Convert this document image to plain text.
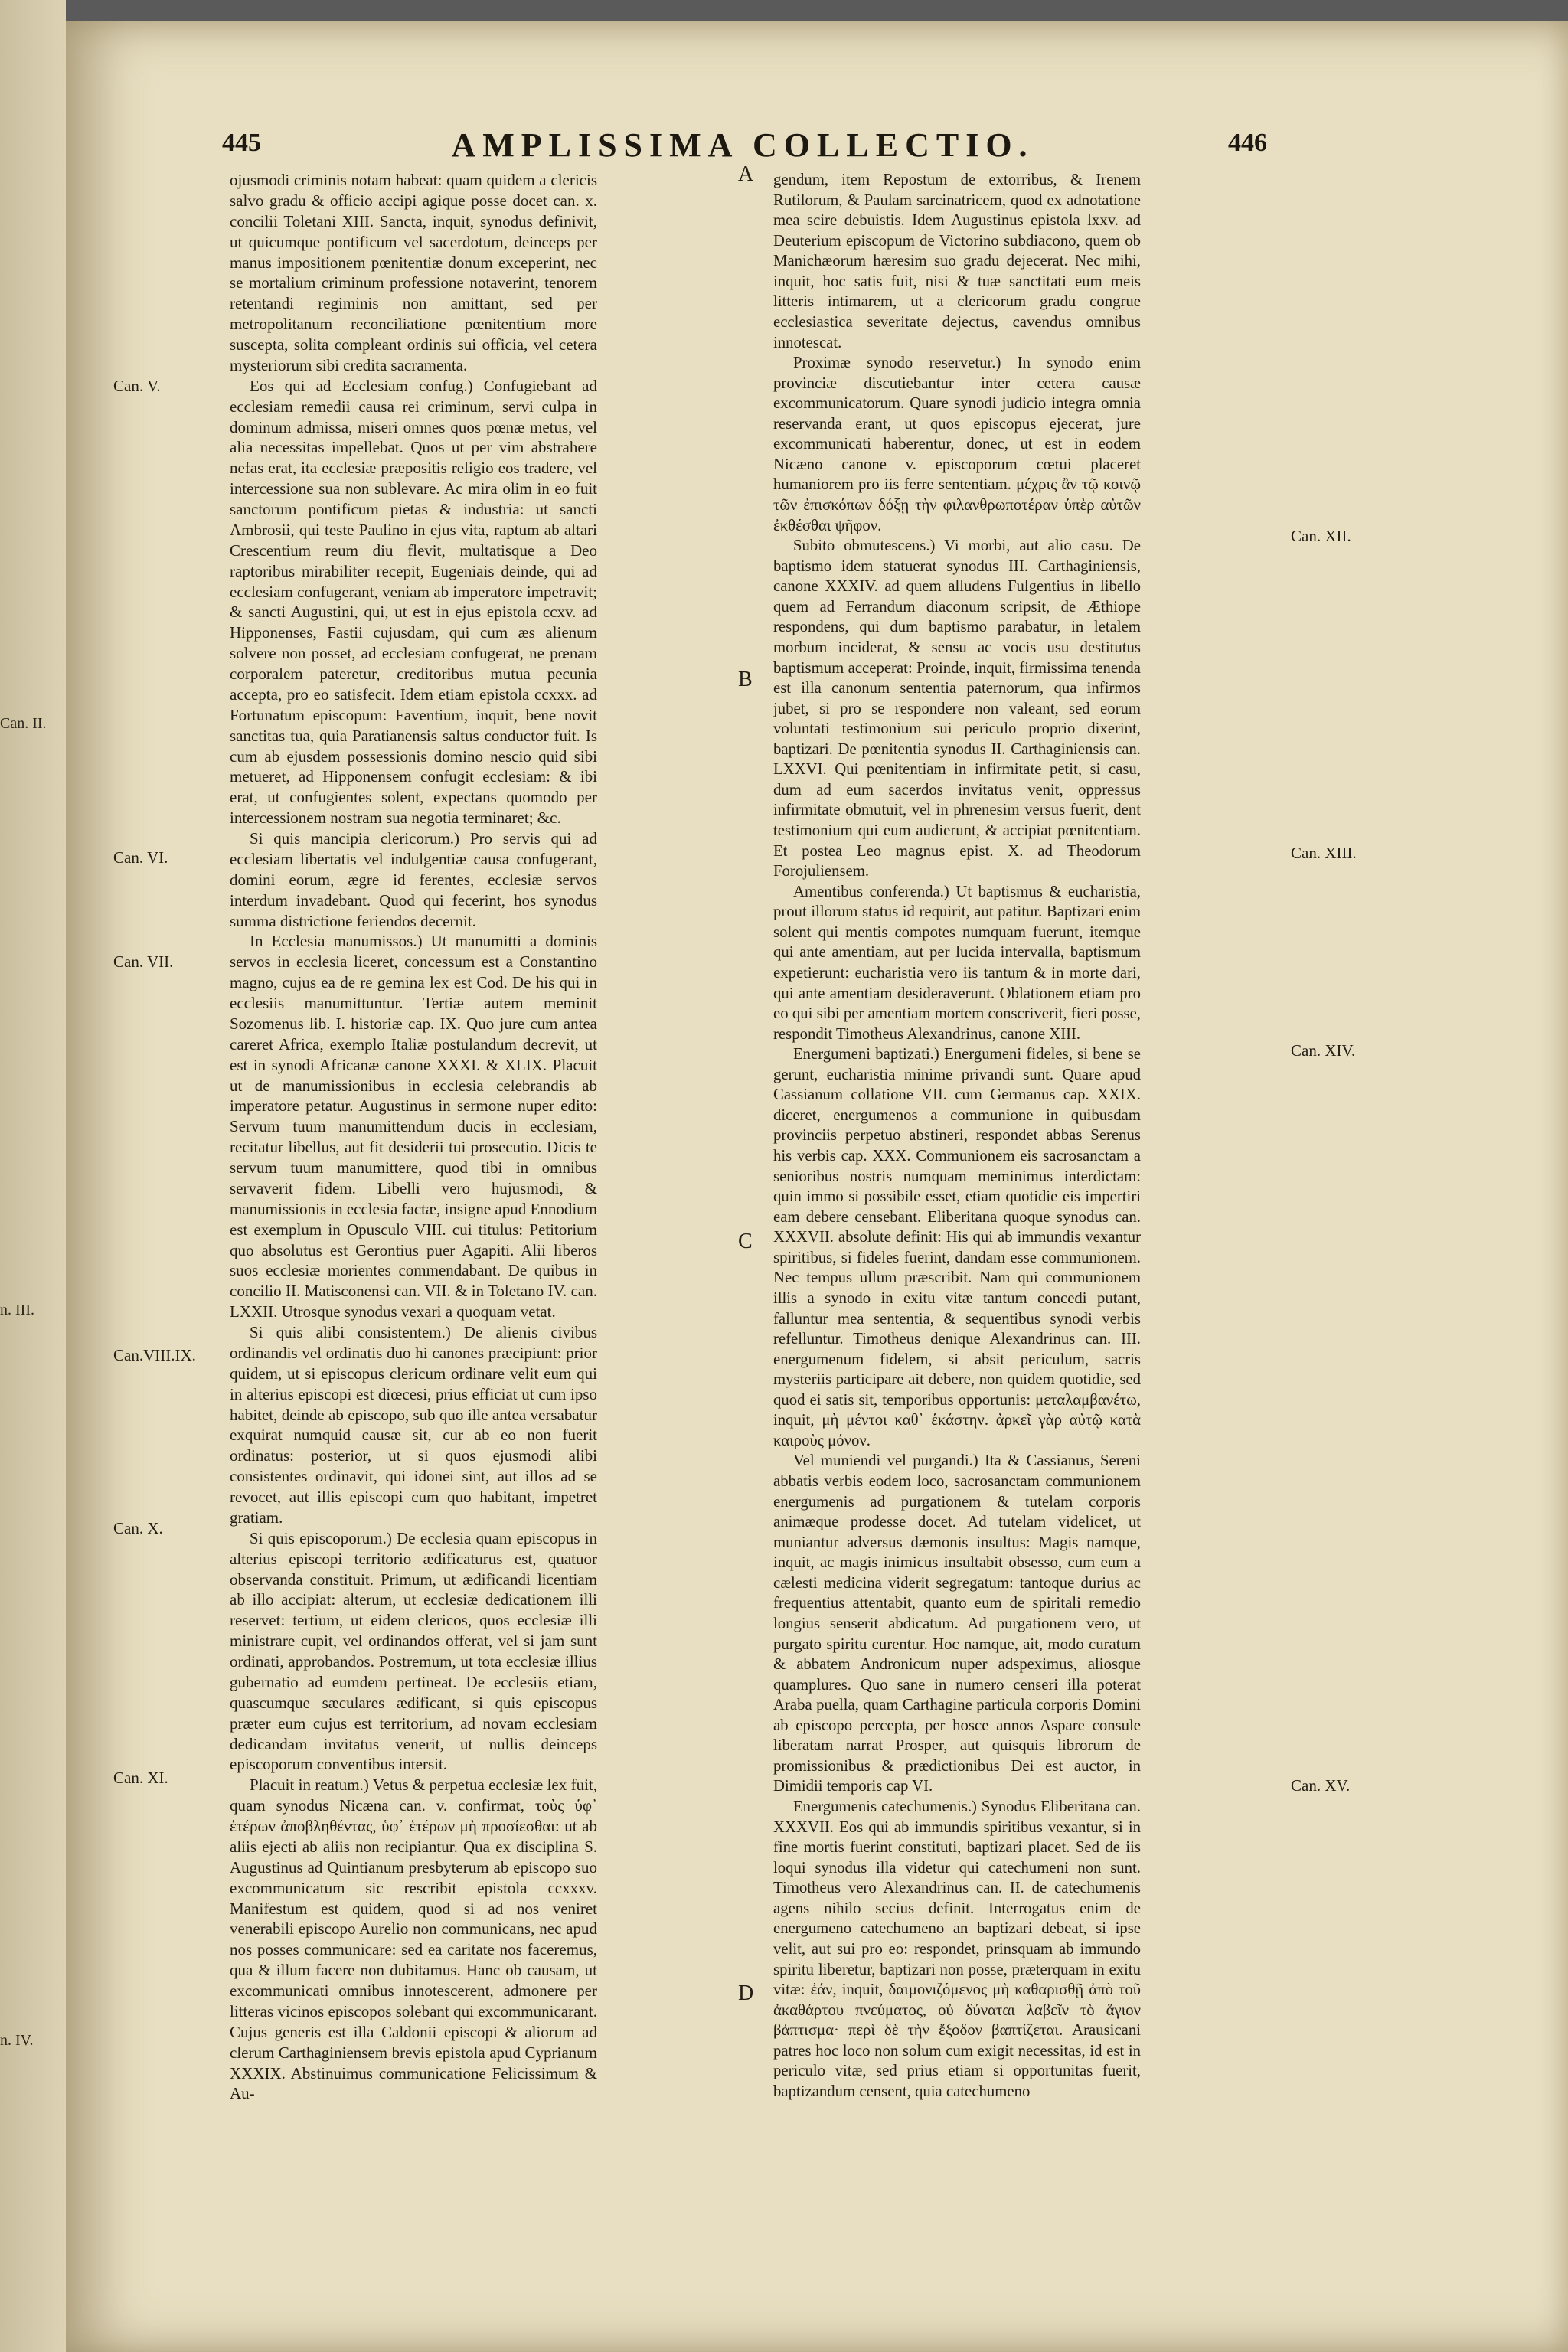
Can. II.
n. III.
n. IV.
445	AMPLISSIMA COLLECTIO.	446
Can. V.
Can. VI.
Can. VII.
Can.VIII.IX.
Can. X.
Can. XI.
Can. XII.
Can. XIII.
Can. XIV.
Can. XV.
A
B
C
D

ojusmodi criminis notam habeat: quam quidem a clericis salvo gradu & officio accipi agique posse docet can. x. concilii Toletani XIII. Sancta, inquit, synodus definivit, ut quicumque pontificum vel sacerdotum, deinceps per manus impositionem pœnitentiæ donum exceperint, nec se mortalium criminum professione notaverint, tenorem retentandi regiminis non amittant, sed per metropolitanum reconciliatione pœnitentium more suscepta, solita compleant ordinis sui officia, vel cetera mysteriorum sibi credita sacramenta.

Eos qui ad Ecclesiam confug.) Confugiebant ad ecclesiam remedii causa rei criminum, servi culpa in dominum admissa, miseri omnes quos pœnæ metus, vel alia necessitas impellebat. Quos ut per vim abstrahere nefas erat, ita ecclesiæ præpositis religio eos tradere, vel intercessione sua non sublevare. Ac mira olim in eo fuit sanctorum pontificum pietas & industria: ut sancti Ambrosii, qui teste Paulino in ejus vita, raptum ab altari Crescentium reum diu flevit, multatisque a Deo raptoribus mirabiliter recepit, Eugeniais deinde, qui ad ecclesiam confugerant, veniam ab imperatore impetravit; & sancti Augustini, qui, ut est in ejus epistola ccxv. ad Hipponenses, Fastii cujusdam, qui cum æs alienum solvere non posset, ad ecclesiam confugerat, ne pœnam corporalem pateretur, creditoribus mutua pecunia accepta, pro eo satisfecit. Idem etiam epistola ccxxx. ad Fortunatum episcopum: Faventium, inquit, bene novit sanctitas tua, quia Paratianensis saltus conductor fuit. Is cum ab ejusdem possessionis domino nescio quid sibi metueret, ad Hipponensem confugit ecclesiam: & ibi erat, ut confugientes solent, expectans quomodo per intercessionem nostram sua negotia terminaret; &c.

Si quis mancipia clericorum.) Pro servis qui ad ecclesiam libertatis vel indulgentiæ causa confugerant, domini eorum, ægre id ferentes, ecclesiæ servos interdum invadebant. Quod qui fecerint, hos synodus summa districtione feriendos decernit.

In Ecclesia manumissos.) Ut manumitti a dominis servos in ecclesia liceret, concessum est a Constantino magno, cujus ea de re gemina lex est Cod. De his qui in ecclesiis manumittuntur. Tertiæ autem meminit Sozomenus lib. I. historiæ cap. IX. Quo jure cum antea careret Africa, exemplo Italiæ postulandum decrevit, ut est in synodi Africanæ canone XXXI. & XLIX. Placuit ut de manumissionibus in ecclesia celebrandis ab imperatore petatur. Augustinus in sermone nuper edito: Servum tuum manumittendum ducis in ecclesiam, recitatur libellus, aut fit desiderii tui prosecutio. Dicis te servum tuum manumittere, quod tibi in omnibus servaverit fidem. Libelli vero hujusmodi, & manumissionis in ecclesia factæ, insigne apud Ennodium est exemplum in Opusculo VIII. cui titulus: Petitorium quo absolutus est Gerontius puer Agapiti. Alii liberos suos ecclesiæ morientes commendabant. De quibus in concilio II. Matisconensi can. VII. & in Toletano IV. can. LXXII. Utrosque synodus vexari a quoquam vetat.

Si quis alibi consistentem.) De alienis civibus ordinandis vel ordinatis duo hi canones præcipiunt: prior quidem, ut si episcopus clericum ordinare velit eum qui in alterius episcopi est diœcesi, prius efficiat ut cum ipso habitet, deinde ab episcopo, sub quo ille antea versabatur exquirat numquid causæ sit, cur ab eo non fuerit ordinatus: posterior, ut si quos ejusmodi alibi consistentes ordinavit, qui idonei sint, aut illos ad se revocet, aut illis episcopi cum quo habitant, impetret gratiam.

Si quis episcoporum.) De ecclesia quam episcopus in alterius episcopi territorio ædificaturus est, quatuor observanda constituit. Primum, ut ædificandi licentiam ab illo accipiat: alterum, ut ecclesiæ dedicationem illi reservet: tertium, ut eidem clericos, quos ecclesiæ illi ministrare cupit, vel ordinandos offerat, vel si jam sunt ordinati, approbandos. Postremum, ut tota ecclesiæ illius gubernatio ad eumdem pertineat. De ecclesiis etiam, quascumque sæculares ædificant, si quis episcopus præter eum cujus est territorium, ad novam ecclesiam dedicandam invitatus venerit, ut nullis deinceps episcoporum conventibus intersit.

Placuit in reatum.) Vetus & perpetua ecclesiæ lex fuit, quam synodus Nicæna can. v. confirmat, τοὺς ὑφ᾽ ἑτέρων ἀποβληθέντας, ὑφ᾽ ἑτέρων μὴ προσίεσθαι: ut ab aliis ejecti ab aliis non recipiantur. Qua ex disciplina S. Augustinus ad Quintianum presbyterum ab episcopo suo excommunicatum sic rescribit epistola ccxxxv. Manifestum est quidem, quod si ad nos veniret venerabili episcopo Aurelio non communicans, nec apud nos posses communicare: sed ea caritate nos faceremus, qua & illum facere non dubitamus. Hanc ob causam, ut excommunicati omnibus innotescerent, admonere per litteras vicinos episcopos solebant qui excommunicarant. Cujus generis est illa Caldonii episcopi & aliorum ad clerum Carthaginiensem brevis epistola apud Cyprianum XXXIX. Abstinuimus communicatione Felicissimum & Au-

gendum, item Repostum de extorribus, & Irenem Rutilorum, & Paulam sarcinatricem, quod ex adnotatione mea scire debuistis. Idem Augustinus epistola lxxv. ad Deuterium episcopum de Victorino subdiacono, quem ob Manichæorum hæresim suo gradu dejecerat. Nec mihi, inquit, hoc satis fuit, nisi & tuæ sanctitati eum meis litteris intimarem, ut a clericorum gradu congrue ecclesiastica severitate dejectus, cavendus omnibus innotescat.

Proximæ synodo reservetur.) In synodo enim provinciæ discutiebantur inter cetera causæ excommunicatorum. Quare synodi judicio integra omnia reservanda erant, ut quos episcopus ejecerat, jure excommunicati haberentur, donec, ut est in eodem Nicæno canone v. episcoporum cœtui placeret humaniorem pro iis ferre sententiam. μέχρις ἂν τῷ κοινῷ τῶν ἐπισκόπων δόξῃ τὴν φιλανθρωποτέραν ὑπὲρ αὐτῶν ἐκθέσθαι ψῆφον.

Subito obmutescens.) Vi morbi, aut alio casu. De baptismo idem statuerat synodus III. Carthaginiensis, canone XXXIV. ad quem alludens Fulgentius in libello quem ad Ferrandum diaconum scripsit, de Æthiope respondens, qui dum baptismo parabatur, in letalem morbum inciderat, & sensu ac vocis usu destitutus baptismum acceperat: Proinde, inquit, firmissima tenenda est illa canonum sententia paternorum, qua infirmos jubet, si pro se respondere non valeant, sed eorum voluntati testimonium sui periculo proprio dixerint, baptizari. De pœnitentia synodus II. Carthaginiensis can. LXXVI. Qui pœnitentiam in infirmitate petit, si casu, dum ad eum sacerdos invitatus venit, oppressus infirmitate obmutuit, vel in phrenesim versus fuerit, dent testimonium qui eum audierunt, & accipiat pœnitentiam. Et postea Leo magnus epist. X. ad Theodorum Forojuliensem.

Amentibus conferenda.) Ut baptismus & eucharistia, prout illorum status id requirit, aut patitur. Baptizari enim solent qui mentis compotes numquam fuerunt, itemque qui ante amentiam, aut per lucida intervalla, baptismum expetierunt: eucharistia vero iis tantum & in morte dari, qui ante amentiam desideraverunt. Oblationem etiam pro eo qui sibi per amentiam mortem conscriverit, fieri posse, respondit Timotheus Alexandrinus, canone XIII.

Energumeni baptizati.) Energumeni fideles, si bene se gerunt, eucharistia minime privandi sunt. Quare apud Cassianum collatione VII. cum Germanus cap. XXIX. diceret, energumenos a communione in quibusdam provinciis perpetuo abstineri, respondet abbas Serenus his verbis cap. XXX. Communionem eis sacrosanctam a senioribus nostris numquam meminimus interdictam: quin immo si possibile esset, etiam quotidie eis impertiri eam debere censebant. Eliberitana quoque synodus can. XXXVII. absolute definit: His qui ab immundis vexantur spiritibus, si fideles fuerint, dandam esse communionem. Nec tempus ullum præscribit. Nam qui communionem illis a synodo in exitu vitæ tantum concedi putant, falluntur mea sententia, & sequentibus synodi verbis refelluntur. Timotheus denique Alexandrinus can. III. energumenum fidelem, si absit periculum, sacris mysteriis participare ait debere, non quidem quotidie, sed quod ei satis sit, temporibus opportunis: μεταλαμβανέτω, inquit, μὴ μέντοι καθ᾽ ἑκάστην. ἀρκεῖ γὰρ αὐτῷ κατὰ καιροὺς μόνον.

Vel muniendi vel purgandi.) Ita & Cassianus, Sereni abbatis verbis eodem loco, sacrosanctam communionem energumenis ad purgationem & tutelam corporis animæque prodesse docet. Ad tutelam videlicet, ut muniantur adversus dæmonis insultus: Magis namque, inquit, ac magis inimicus insultabit obsesso, cum eum a cælesti medicina viderit segregatum: tantoque durius ac frequentius attentabit, quanto eum de spiritali remedio longius senserit abdicatum. Ad purgationem vero, ut purgato spiritu curentur. Hoc namque, ait, modo curatum & abbatem Andronicum nuper adspeximus, aliosque quamplures. Quo sane in numero censeri illa poterat Araba puella, quam Carthagine particula corporis Domini ab episcopo percepta, per hosce annos Aspare consule liberatam narrat Prosper, aut quisquis librorum de promissionibus & prædictionibus Dei est auctor, in Dimidii temporis cap VI.

Energumenis catechumenis.) Synodus Eliberitana can. XXXVII. Eos qui ab immundis spiritibus vexantur, si in fine mortis fuerint constituti, baptizari placet. Sed de iis loqui synodus illa videtur qui catechumeni non sunt. Timotheus vero Alexandrinus can. II. de catechumenis agens nihilo secius definit. Interrogatus enim de energumeno catechumeno an baptizari debeat, si ipse velit, aut sui pro eo: respondet, prinsquam ab immundo spiritu liberetur, baptizari non posse, præterquam in exitu vitæ: ἐάν, inquit, δαιμονιζόμενος μὴ καθαρισθῇ ἀπὸ τοῦ ἀκαθάρτου πνεύματος, οὐ δύναται λαβεῖν τὸ ἅγιον βάπτισμα· περὶ δὲ τὴν ἔξοδον βαπτίζεται. Arausicani patres hoc loco non solum cum exigit necessitas, id est in periculo vitæ, sed prius etiam si opportunitas fuerit, baptizandum censent, quia catechumeno
